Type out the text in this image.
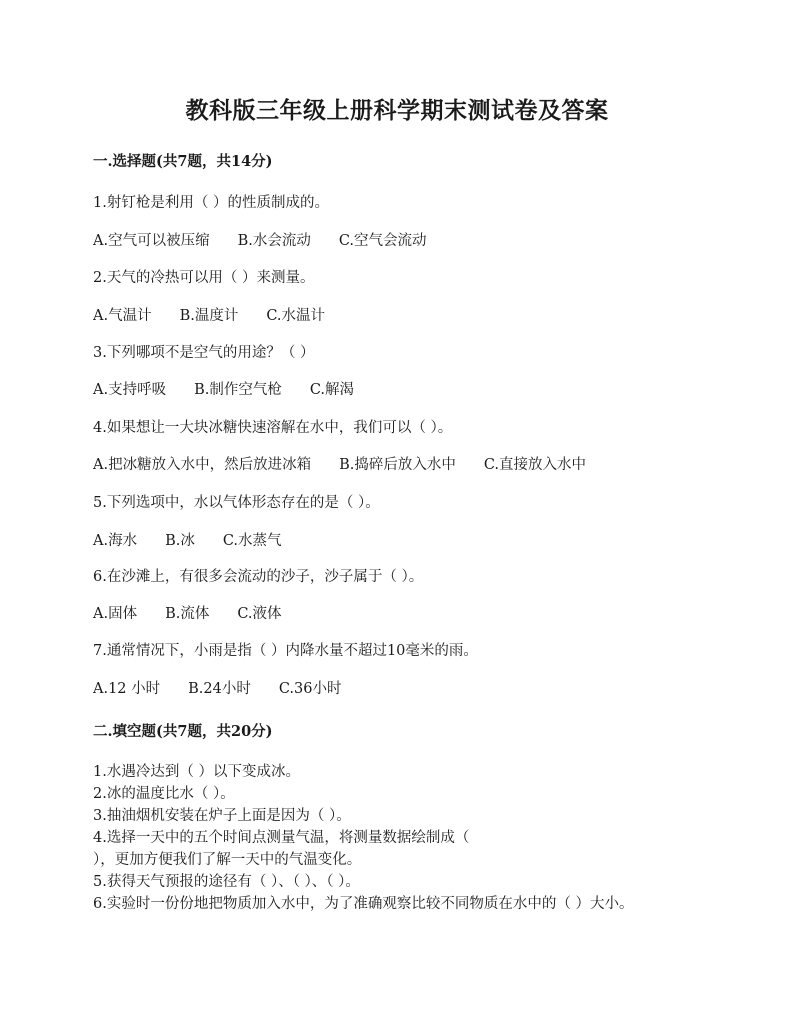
教科版三年级上册科学期末测试卷及答案
一.选择题(共7题，共14分)
1.射钉枪是利用（ ）的性质制成的。
A.空气可以被压缩 B.水会流动 C.空气会流动
2.天气的冷热可以用（ ）来测量。
A.气温计 B.温度计 C.水温计
3.下列哪项不是空气的用途？（ ）
A.支持呼吸 B.制作空气枪 C.解渴
4.如果想让一大块冰糖快速溶解在水中，我们可以（ ）。
A.把冰糖放入水中，然后放进冰箱 B.捣碎后放入水中 C.直接放入水中
5.下列选项中，水以气体形态存在的是（ ）。
A.海水 B.冰 C.水蒸气
6.在沙滩上，有很多会流动的沙子，沙子属于（ ）。
A.固体 B.流体 C.液体
7.通常情况下，小雨是指（ ）内降水量不超过10毫米的雨。
A.12 小时 B.24小时 C.36小时
二.填空题(共7题，共20分)
1.水遇冷达到（ ）以下变成冰。
2.冰的温度比水（ ）。
3.抽油烟机安装在炉子上面是因为（ ）。
4.选择一天中的五个时间点测量气温，将测量数据绘制成（
），更加方便我们了解一天中的气温变化。
5.获得天气预报的途径有（ ）、（ ）、（ ）。
6.实验时一份份地把物质加入水中，为了准确观察比较不同物质在水中的（ ）大小。
